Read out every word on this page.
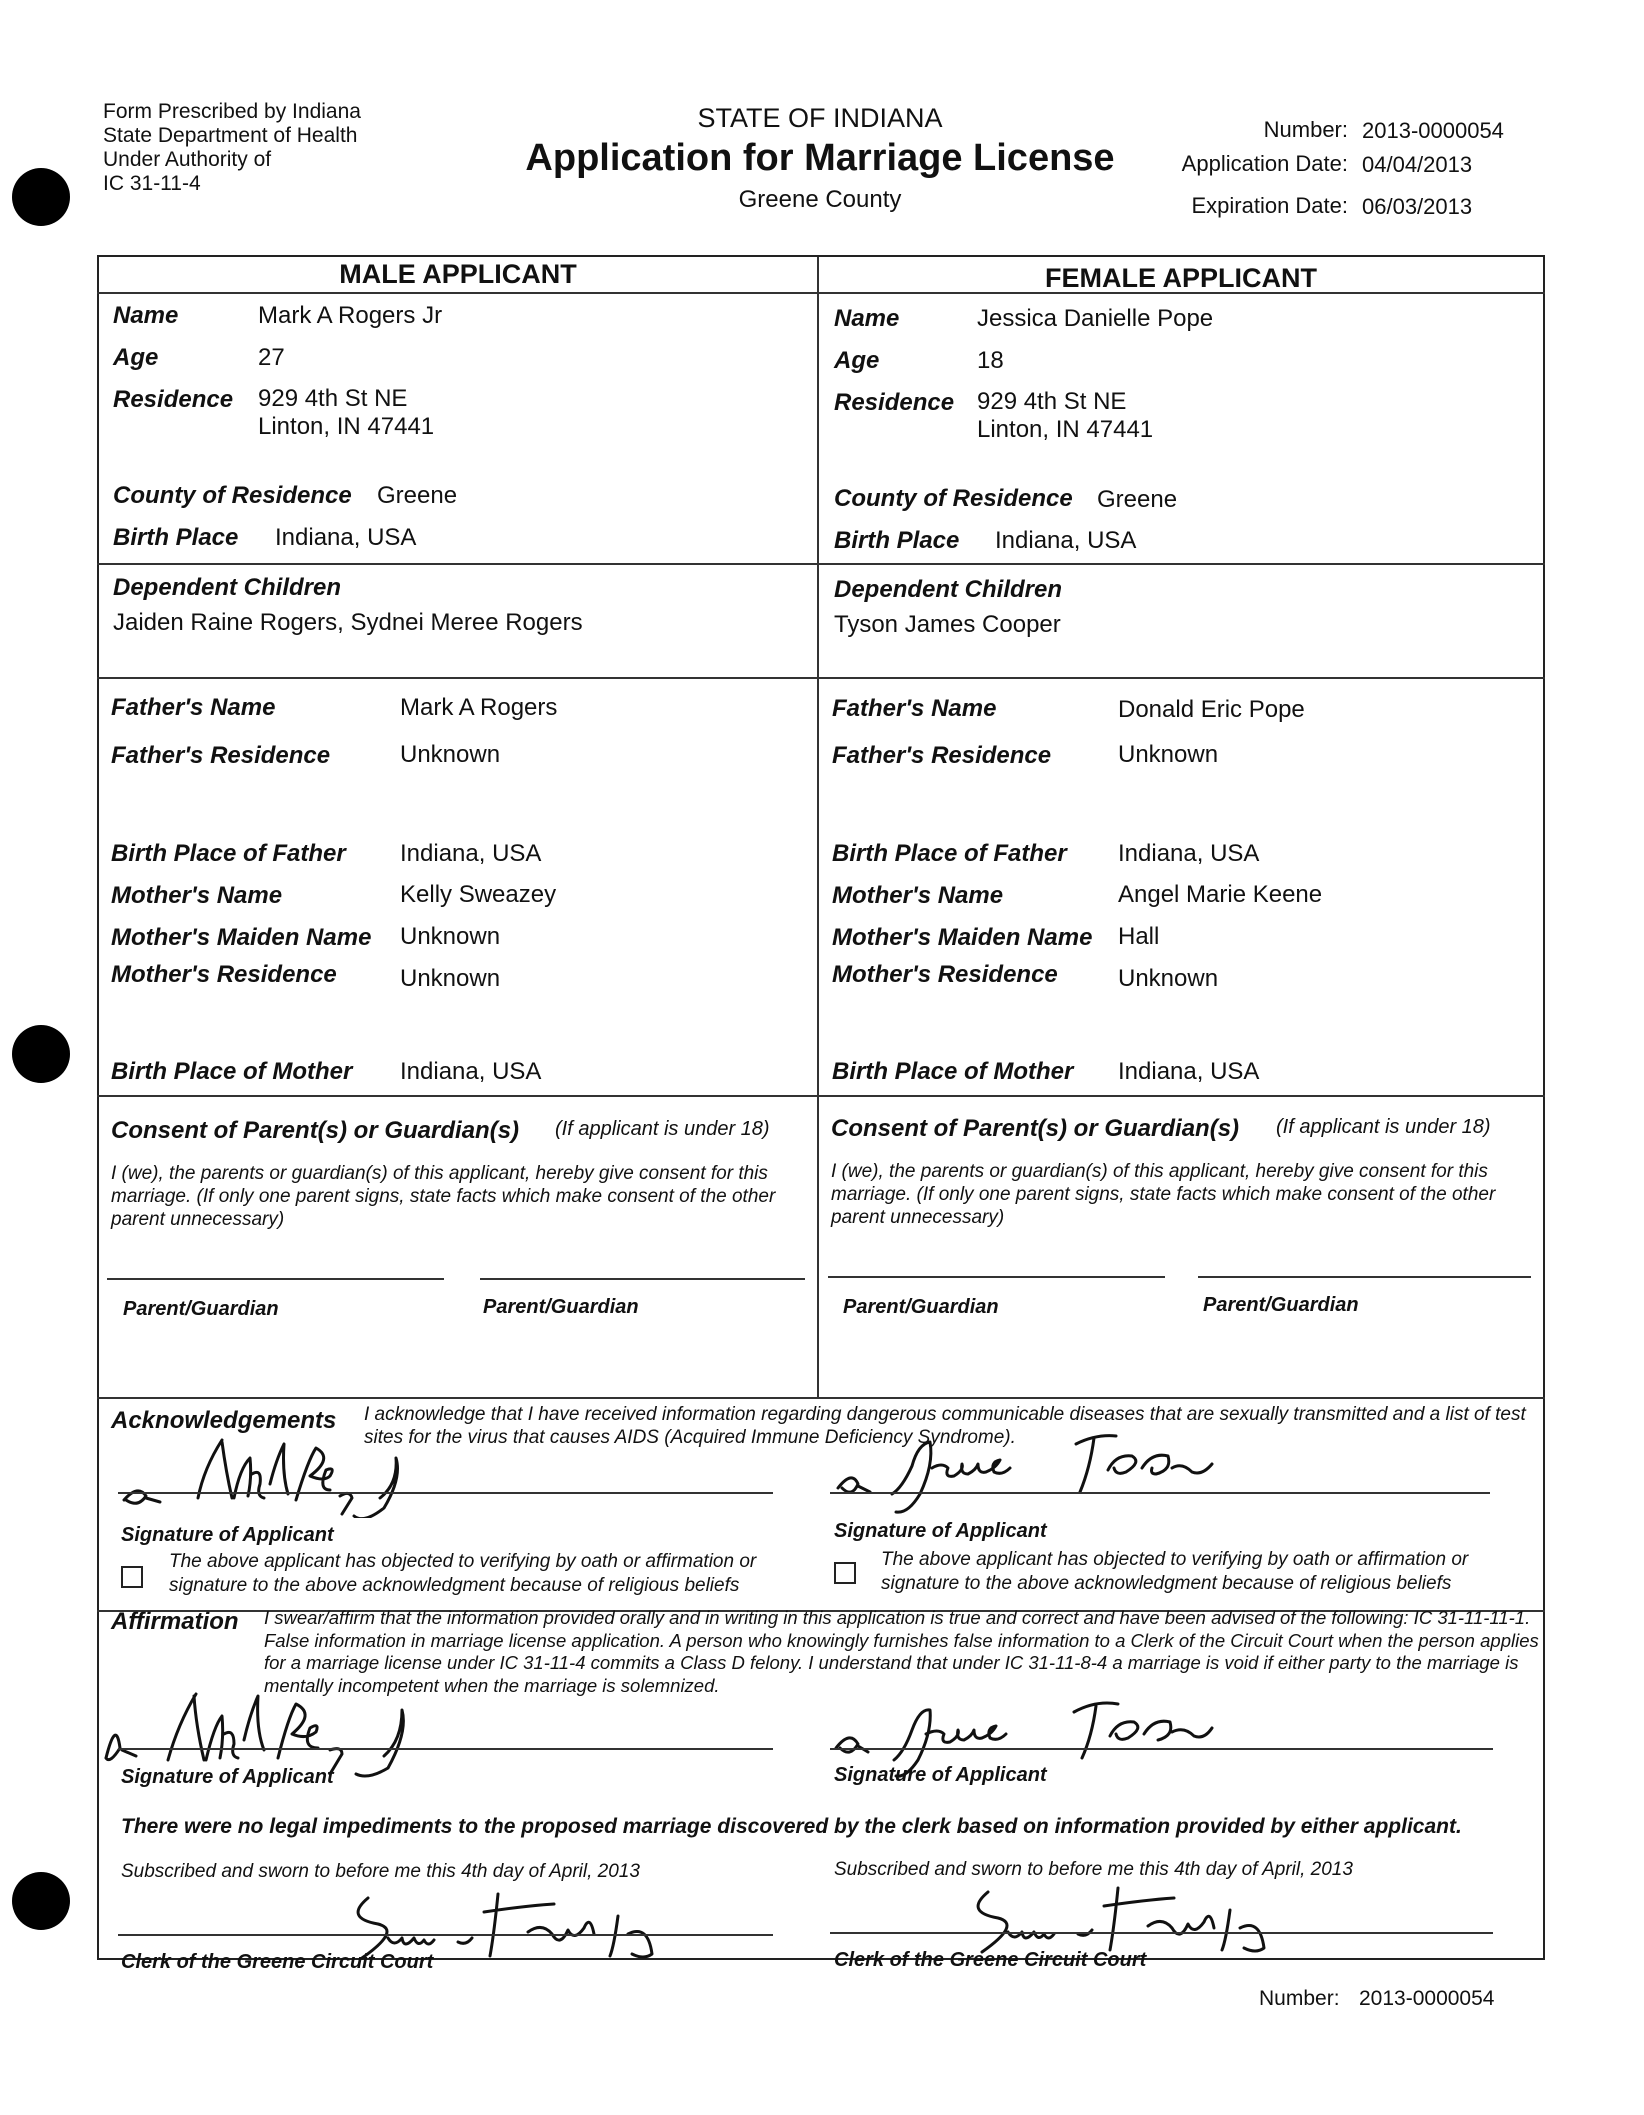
Form Prescribed by Indiana
State Department of Health
Under Authority of
IC 31-11-4
STATE OF INDIANA
Application for Marriage License
Greene County
Number: 2013-0000054
Application Date: 04/04/2013
Expiration Date: 06/03/2013
MALE APPLICANT	FEMALE APPLICANT
Name	Mark A Rogers Jr
Age	27
Residence 929 4th St NE
Linton, IN 47441
County of Residence Greene
Birth Place Indiana, USA
Dependent Children
Jaiden Raine Rogers, Sydnei Meree Rogers
Father's Name	Mark A Rogers
Father's Residence	Unknown
Birth Place of Father Indiana, USA
Mother's Name	Kelly Sweazey
Mother's Maiden Name Unknown
Mother's Residence	Unknown
Birth Place of Mother Indiana, USA
Consent of Parent(s) or Guardian(s) (If applicant is under 18)
I (we), the parents or guardian(s) of this applicant, hereby give consent for this marriage. (If only one parent signs, state facts which make consent of the other parent unnecessary)
Parent/Guardian	Parent/Guardian
Name	Jessica Danielle Pope
Age	18
Residence 929 4th St NE
Linton, IN 47441
County of Residence Greene
Birth Place Indiana, USA
Dependent Children
Tyson James Cooper
Father's Name	Donald Eric Pope
Father's Residence	Unknown
Birth Place of Father Indiana, USA
Mother's Name	Angel Marie Keene
Mother's Maiden Name Hall
Mother's Residence	Unknown
Birth Place of Mother Indiana, USA
Consent of Parent(s) or Guardian(s) (If applicant is under 18)
I (we), the parents or guardian(s) of this applicant, hereby give consent for this marriage. (If only one parent signs, state facts which make consent of the other parent unnecessary)
Parent/Guardian	Parent/Guardian
Acknowledgements I acknowledge that I have received information regarding dangerous communicable diseases that are sexually transmitted and a list of test sites for the virus that causes AIDS (Acquired Immune Deficiency Syndrome).
Signature of Applicant	Signature of Applicant
The above applicant has objected to verifying by oath or affirmation or signature to the above acknowledgment because of religious beliefs
The above applicant has objected to verifying by oath or affirmation or signature to the above acknowledgment because of religious beliefs
Affirmation I swear/affirm that the information provided orally and in writing in this application is true and correct and have been advised of the following: IC 31-11-11-1. False information in marriage license application. A person who knowingly furnishes false information to a Clerk of the Circuit Court when the person applies for a marriage license under IC 31-11-4 commits a Class D felony. I understand that under IC 31-11-8-4 a marriage is void if either party to the marriage is mentally incompetent when the marriage is solemnized.
Signature of Applicant	Signature of Applicant
There were no legal impediments to the proposed marriage discovered by the clerk based on information provided by either applicant.
Subscribed and sworn to before me this 4th day of April, 2013	Subscribed and sworn to before me this 4th day of April, 2013
Clerk of the Greene Circuit Court	Clerk of the Greene Circuit Court
Number: 2013-0000054
